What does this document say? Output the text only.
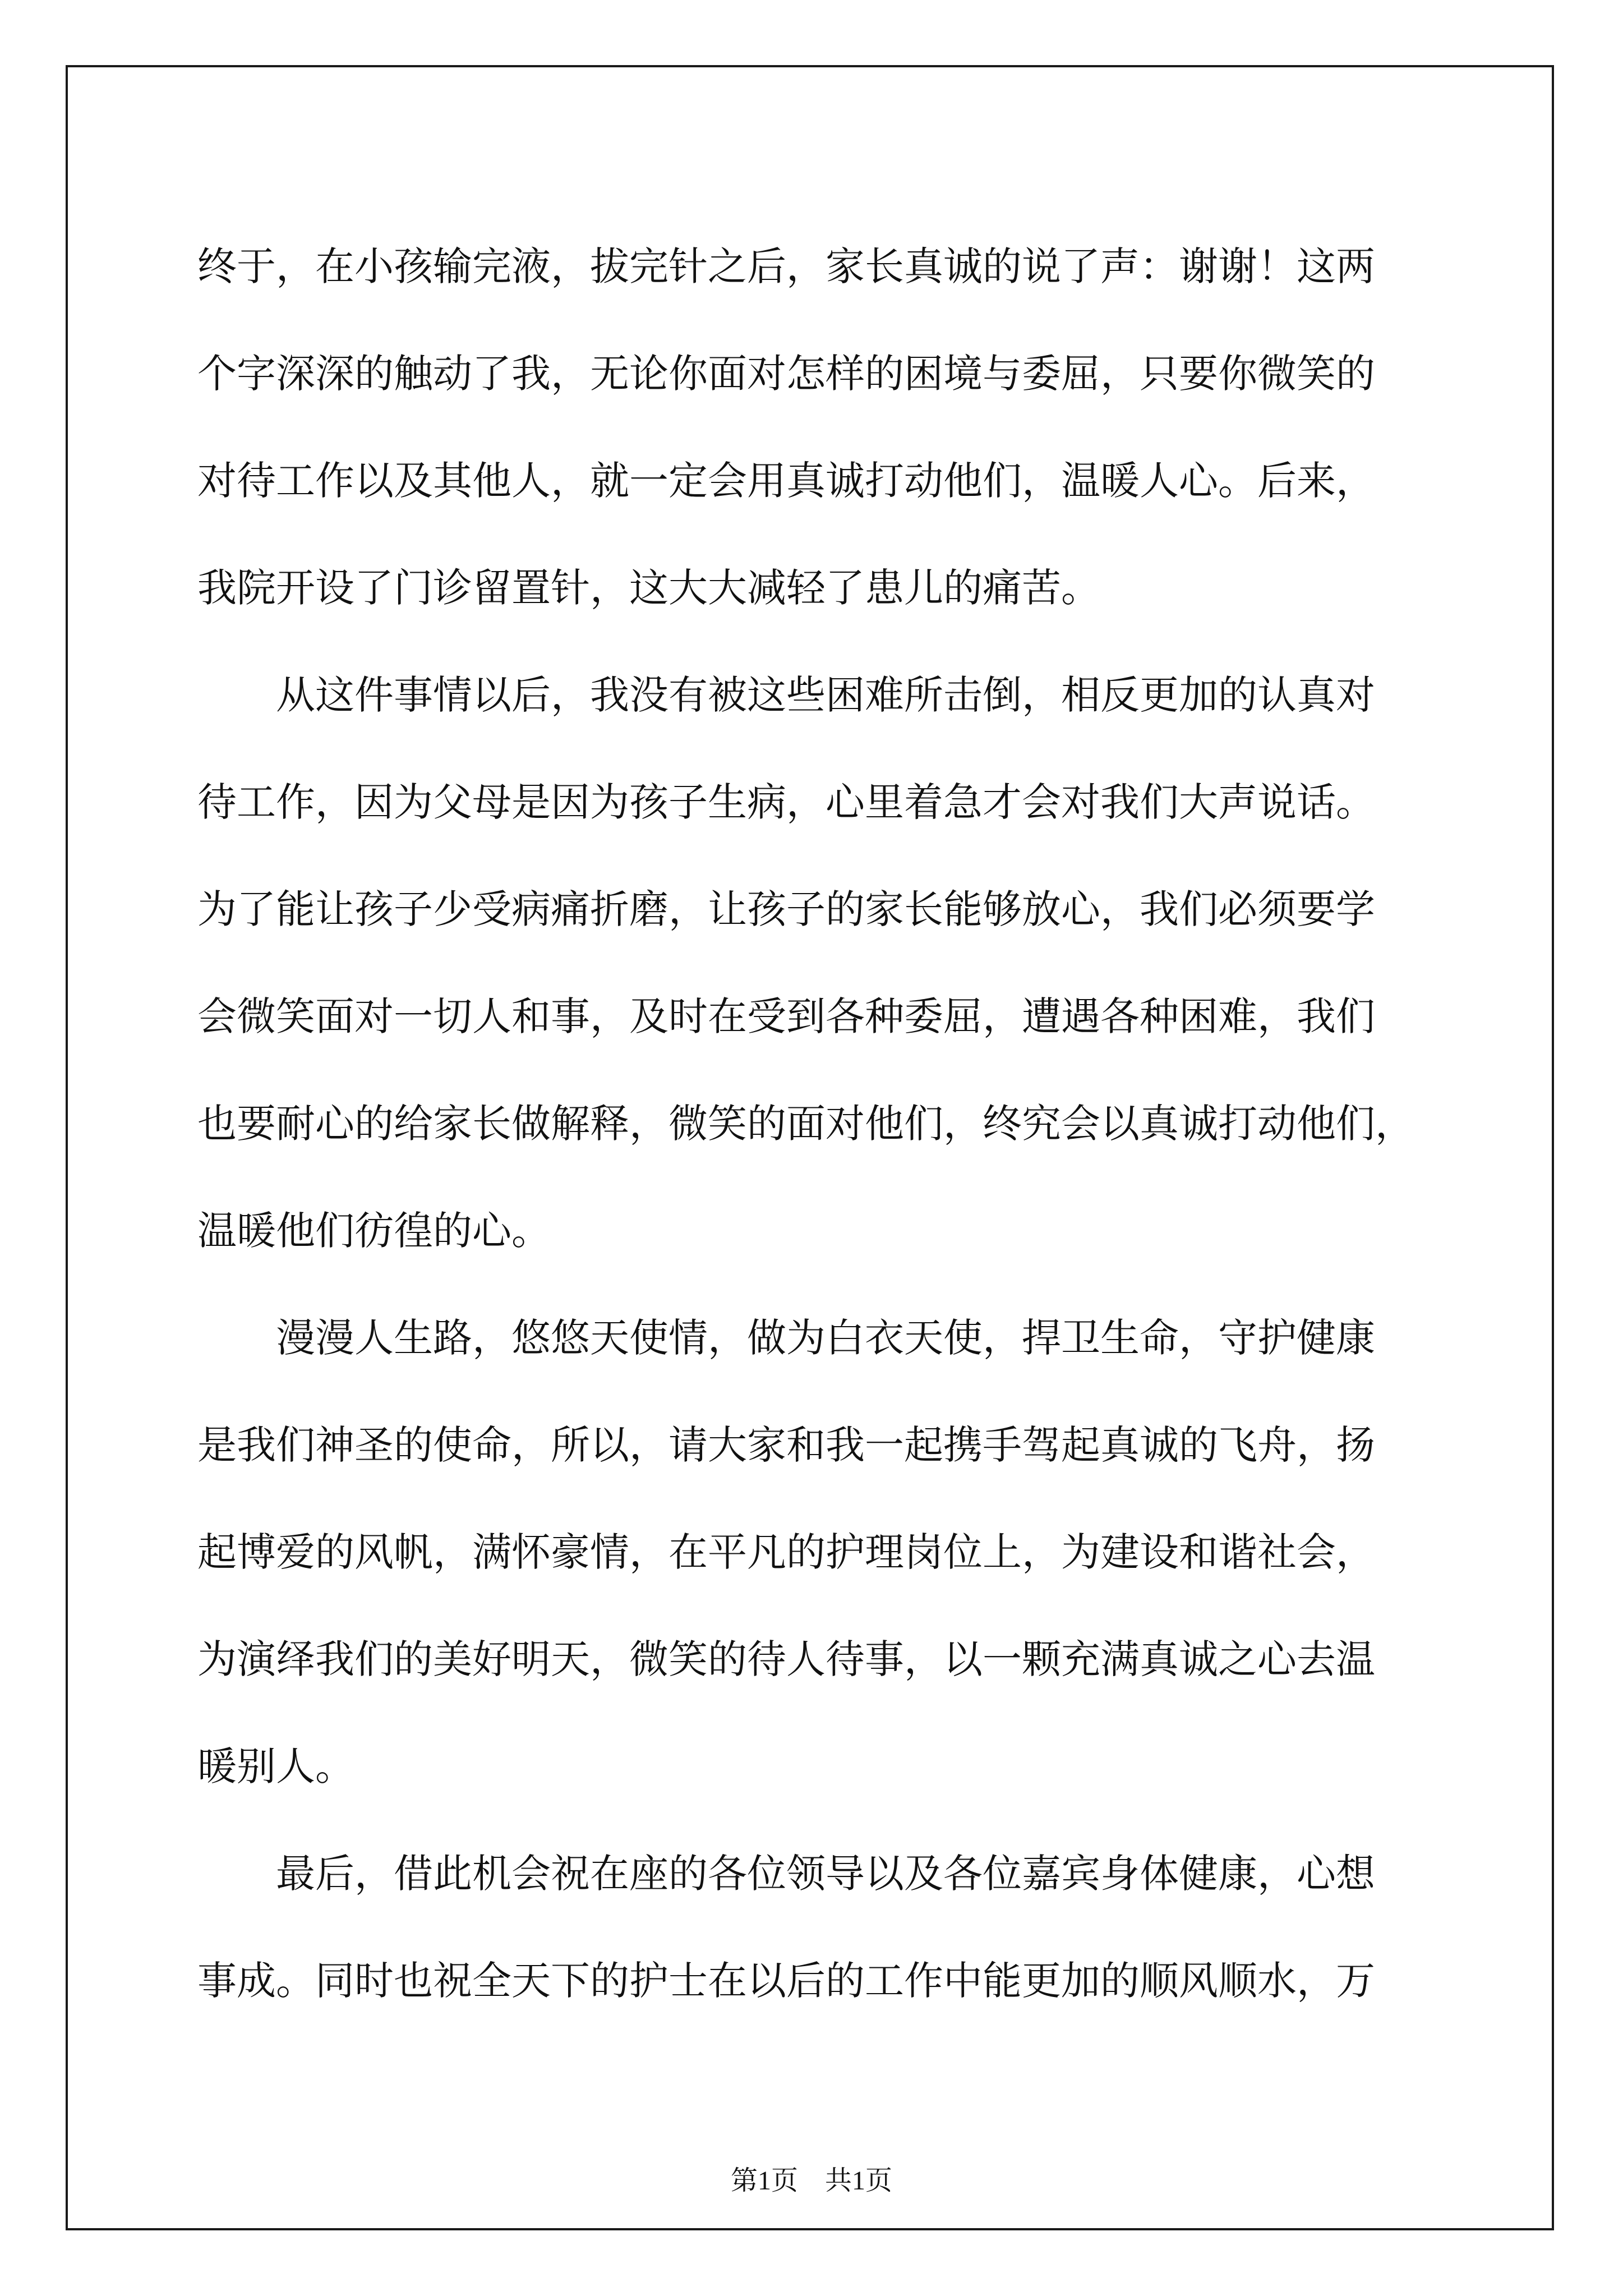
终于，在小孩输完液，拔完针之后，家长真诚的说了声：谢谢！这两
个字深深的触动了我，无论你面对怎样的困境与委屈，只要你微笑的
对待工作以及其他人，就一定会用真诚打动他们，温暖人心。后来，
我院开设了门诊留置针，这大大减轻了患儿的痛苦。
　　从这件事情以后，我没有被这些困难所击倒，相反更加的认真对
待工作，因为父母是因为孩子生病，心里着急才会对我们大声说话。
为了能让孩子少受病痛折磨，让孩子的家长能够放心，我们必须要学
会微笑面对一切人和事，及时在受到各种委屈，遭遇各种困难，我们
也要耐心的给家长做解释，微笑的面对他们，终究会以真诚打动他们，
温暖他们彷徨的心。
　　漫漫人生路，悠悠天使情，做为白衣天使，捍卫生命，守护健康
是我们神圣的使命，所以，请大家和我一起携手驾起真诚的飞舟，扬
起博爱的风帆，满怀豪情，在平凡的护理岗位上，为建设和谐社会，
为演绎我们的美好明天，微笑的待人待事，以一颗充满真诚之心去温
暖别人。
　　最后，借此机会祝在座的各位领导以及各位嘉宾身体健康，心想
事成。同时也祝全天下的护士在以后的工作中能更加的顺风顺水，万
第1页　共1页
